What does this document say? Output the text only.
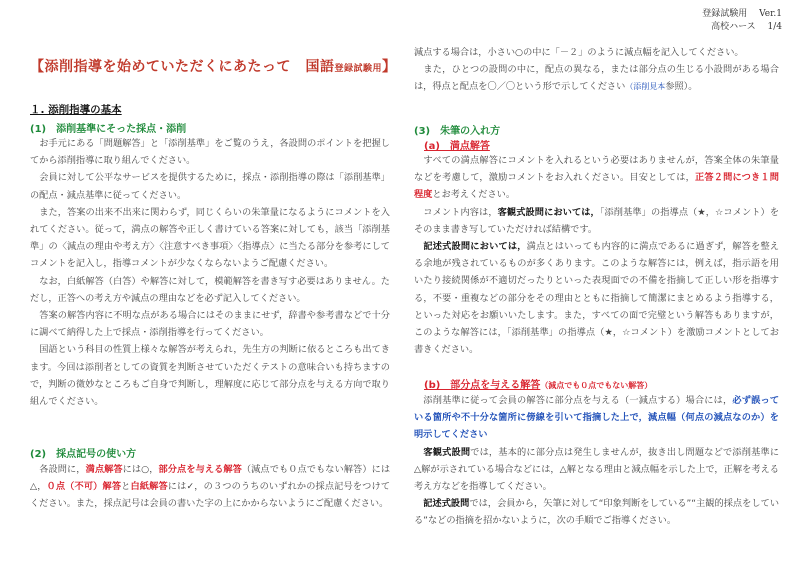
登録試験用　 Ver.1
高校ハース　 1/4
【添削指導を始めていただくにあたって　国語登録試験用】
１. 添削指導の基本
(1)　添削基準にそった採点・添削
　お手元にある「問題解答」と「添削基準」をご覧のうえ，各設問のポイントを把握してから添削指導に取り組んでください。
　会員に対して公平なサービスを提供するために，採点・添削指導の際は「添削基準」の配点・減点基準に従ってください。
　また，答案の出来不出来に関わらず，同じくらいの朱筆量になるようにコメントを入れてください。従って，満点の解答や正しく書けている答案に対しても，該当「添削基準」の〈減点の理由や考え方〉〈注意すべき事項〉〈指導点〉に当たる部分を参考にしてコメントを記入し，指導コメントが少なくならないようご配慮ください。
　なお，白紙解答（白答）や解答に対して，模範解答を書き写す必要はありません。ただし，正答への考え方や減点の理由などを必ず記入してください。
　答案の解答内容に不明な点がある場合にはそのままにせず，辞書や参考書などで十分に調べて納得した上で採点・添削指導を行ってください。
　国語という科目の性質上様々な解答が考えられ，先生方の判断に依るところも出てきます。今回は添削者としての資質を判断させていただくテストの意味合いも持ちますので，判断の微妙なところもご自身で判断し，理解度に応じて部分点を与える方向で取り組んでください。
(2)　採点記号の使い方
　各設問に，満点解答には○，部分点を与える解答（減点でも０点でもない解答）には△，０点（不可）解答と白紙解答には✓，の３つのうちのいずれかの採点記号をつけてください。また，採点記号は会員の書いた字の上にかからないようにご配慮ください。
減点する場合は，小さい○の中に「－２」のように減点幅を記入してください。
　また，ひとつの設問の中に，配点の異なる，または部分点の生じる小設問がある場合は，得点と配点を〇／〇という形で示してください（添削見本参照）。
(3)　朱筆の入れ方
(a)　満点解答
　すべての満点解答にコメントを入れるという必要はありませんが，答案全体の朱筆量などを考慮して，激励コメントをお入れください。目安としては，正答２問につき１問程度とお考えください。
　コメント内容は，客観式設問においては，「添削基準」の指導点（★，☆コメント）をそのまま書き写していただければ結構です。
　記述式設問においては，満点とはいっても内容的に満点であるに過ぎず，解答を整える余地が残されているものが多くあります。このような解答には，例えば，指示語を用いたり接続関係が不適切だったりといった表現面での不備を指摘して正しい形を指導する，不要・重複などの部分をその理由とともに指摘して簡潔にまとめるよう指導する，といった対応をお願いいたします。また，すべての面で完璧という解答もありますが，このような解答には，「添削基準」の指導点（★，☆コメント）を激励コメントとしてお書きください。
(b)　部分点を与える解答（減点でも０点でもない解答）
　添削基準に従って会員の解答に部分点を与える（一減点する）場合には，必ず誤っている箇所や不十分な箇所に傍線を引いて指摘した上で，減点幅（何点の減点なのか）を明示してください
　客観式設問では，基本的に部分点は発生しませんが，抜き出し問題などで添削基準に△解が示されている場合などには，△解となる理由と減点幅を示した上で，正解を考える考え方などを指導してください。
　記述式設問では，会員から，矢筆に対して“印象判断をしている”“主観的採点をしている”などの指摘を招かないように，次の手順でご指導ください。
